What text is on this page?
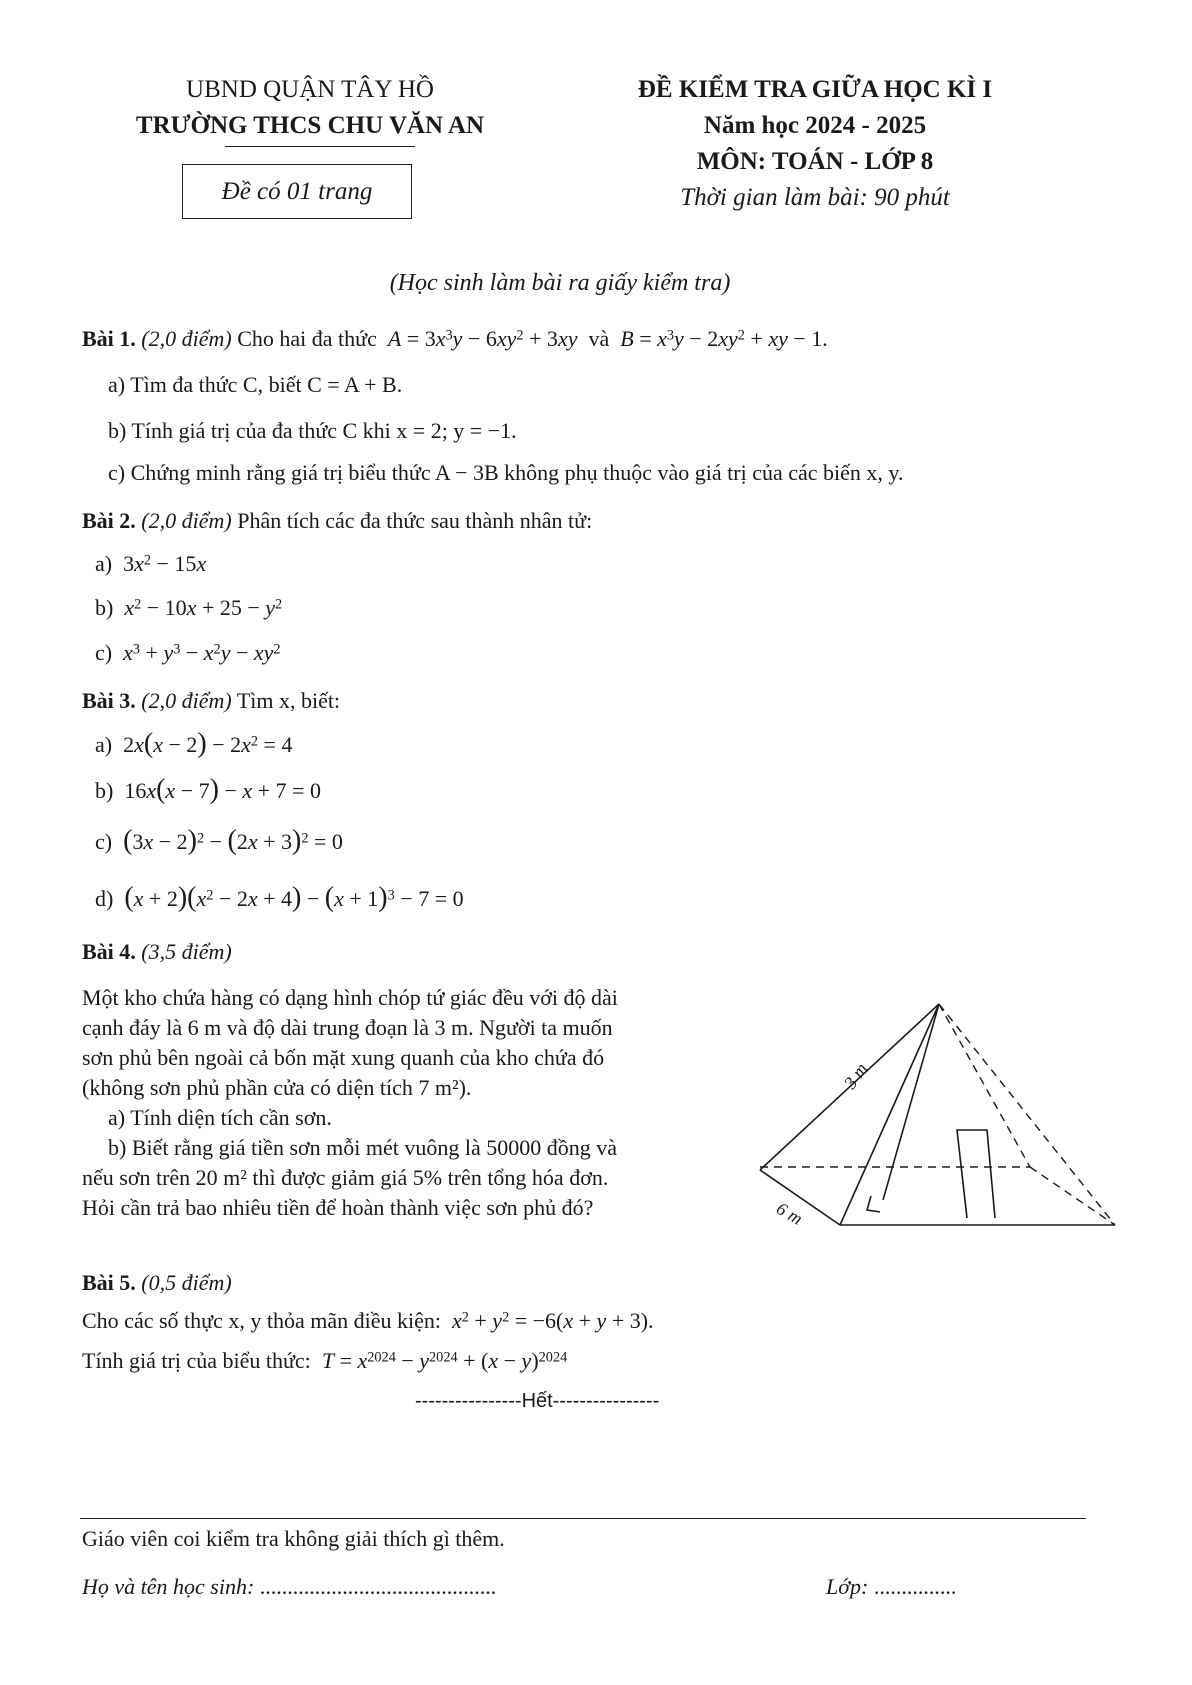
UBND QUẬN TÂY HỒ
TRƯỜNG THCS CHU VĂN AN
Đề có 01 trang
ĐỀ KIỂM TRA GIỮA HỌC KÌ I
Năm học 2024 - 2025
MÔN: TOÁN - LỚP 8
Thời gian làm bài: 90 phút
(Học sinh làm bài ra giấy kiểm tra)
Bài 1. (2,0 điểm) Cho hai đa thức $A = 3x^3y - 6xy^2 + 3xy$ và $B = x^3y - 2xy^2$ + xy − 1.
a) Tìm đa thức C, biết C = A + B.
b) Tính giá trị của đa thức C khi x = 2; y = −1.
c) Chứng minh rằng giá trị biểu thức A − 3B không phụ thuộc vào giá trị của các biến x, y.
Bài 2. (2,0 điểm) Phân tích các đa thức sau thành nhân tử:
a)  $3x^2 - 15x$
b) $x^2 - 10x + 25 - y^2$
c) $x^3 + y^3 - x^2y - xy^2$
Bài 3. (2,0 điểm) Tìm x, biết:
a)  $2x(x - 2) - 2x^2 = 4$
b)  16x(x − 7) − x + 7 = 0
c) $(3x - 2)^2 - (2x + 3)^2 = 0$
d) $(x + 2)(x^2 - 2x + 4) - (x + 1)^3 - 7 = 0$
Bài 4. (3,5 điểm)
Một kho chứa hàng có dạng hình chóp tứ giác đều với độ dài
cạnh đáy là 6 m và độ dài trung đoạn là 3 m. Người ta muốn
sơn phủ bên ngoài cả bốn mặt xung quanh của kho chứa đó
(không sơn phủ phần cửa có diện tích 7 m²).
a) Tính diện tích cần sơn.
b) Biết rằng giá tiền sơn mỗi mét vuông là 50000 đồng và
nếu sơn trên 20 m² thì được giảm giá 5% trên tổng hóa đơn.
Hỏi cần trả bao nhiêu tiền để hoàn thành việc sơn phủ đó?
3 m
6 m
Bài 5. (0,5 điểm)
Cho các số thực x, y thỏa mãn điều kiện: $x^2 + y^2 = -6(x + y + 3)$.
Tính giá trị của biểu thức: $T = x^{2024} - y^{2024} + (x - y)^{2024}$
----------------Hết----------------
Giáo viên coi kiểm tra không giải thích gì thêm.
Họ và tên học sinh: ...........................................	Lớp: ...............
